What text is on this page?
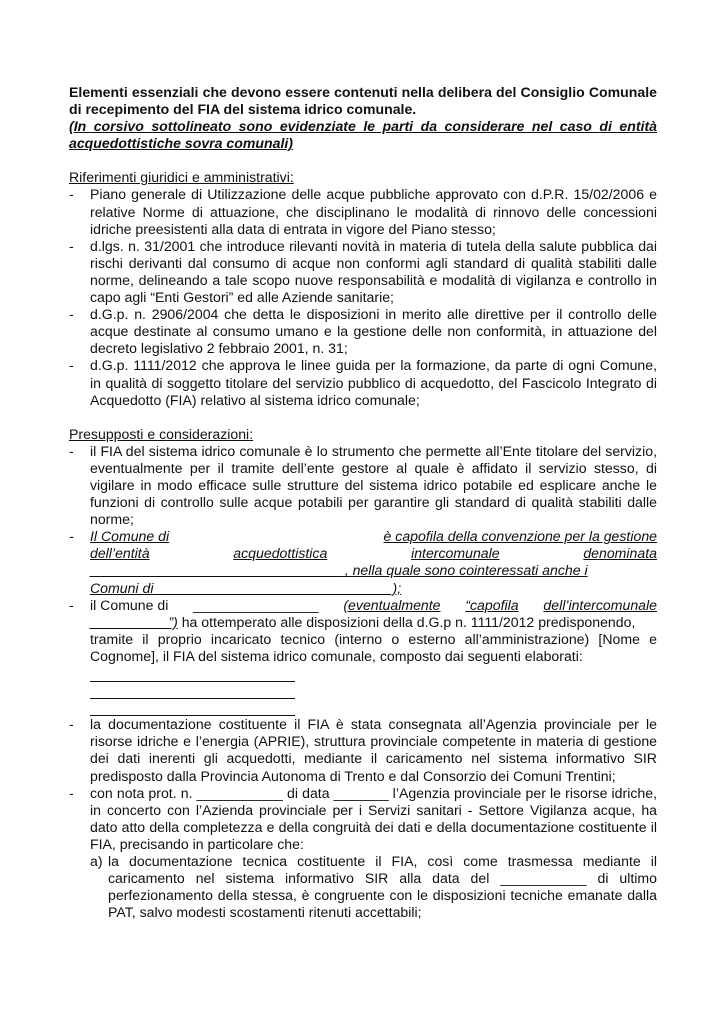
Elementi essenziali che devono essere contenuti nella delibera del Consiglio Comunale di recepimento del FIA del sistema idrico comunale.

(In corsivo sottolineato sono evidenziate le parti da considerare nel caso di entità acquedottistiche sovra comunali)

Riferimenti giuridici e amministrativi:

- Piano generale di Utilizzazione delle acque pubbliche approvato con d.P.R. 15/02/2006 e relative Norme di attuazione, che disciplinano le modalità di rinnovo delle concessioni idriche preesistenti alla data di entrata in vigore del Piano stesso;

- d.lgs. n. 31/2001 che introduce rilevanti novità in materia di tutela della salute pubblica dai rischi derivanti dal consumo di acque non conformi agli standard di qualità stabiliti dalle norme, delineando a tale scopo nuove responsabilità e modalità di vigilanza e controllo in capo agli “Enti Gestori” ed alle Aziende sanitarie;

- d.G.p. n. 2906/2004 che detta le disposizioni in merito alle direttive per il controllo delle acque destinate al consumo umano e la gestione delle non conformità, in attuazione del decreto legislativo 2 febbraio 2001, n. 31;

- d.G.p. 1111/2012 che approva le linee guida per la formazione, da parte di ogni Comune, in qualità di soggetto titolare del servizio pubblico di acquedotto, del Fascicolo Integrato di Acquedotto (FIA) relativo al sistema idrico comunale;

Presupposti e considerazioni:

- il FIA del sistema idrico comunale è lo strumento che permette all’Ente titolare del servizio, eventualmente per il tramite dell’ente gestore al quale è affidato il servizio stesso, di vigilare in modo efficace sulle strutture del sistema idrico potabile ed esplicare anche le funzioni di controllo sulle acque potabili per garantire gli standard di qualità stabiliti dalle norme;

- Il Comune di	è capofila della convenzione per la gestione
dell’entità	acquedottistica	intercomunale	denominata
________________________________ , nella quale sono cointeressati anche i
Comuni di ______________________________);
- il Comune di ________________ (eventualmente “capofila dell’intercomunale
__________”) ha ottemperato alle disposizioni della d.G.p n. 1111/2012 predisponendo,
tramite il proprio incaricato tecnico (interno o esterno all’amministrazione) [Nome e Cognome], il FIA del sistema idrico comunale, composto dai seguenti elaborati:

- la documentazione costituente il FIA è stata consegnata all’Agenzia provinciale per le risorse idriche e l’energia (APRIE), struttura provinciale competente in materia di gestione dei dati inerenti gli acquedotti, mediante il caricamento nel sistema informativo SIR predisposto dalla Provincia Autonoma di Trento e dal Consorzio dei Comuni Trentini;

- con nota prot. n. ___________ di data _______ l’Agenzia provinciale per le risorse idriche, in concerto con l’Azienda provinciale per i Servizi sanitari - Settore Vigilanza acque, ha dato atto della completezza e della congruità dei dati e della documentazione costituente il FIA, precisando in particolare che:

a) la documentazione tecnica costituente il FIA, così come trasmessa mediante il caricamento nel sistema informativo SIR alla data del ___________ di ultimo perfezionamento della stessa, è congruente con le disposizioni tecniche emanate dalla PAT, salvo modesti scostamenti ritenuti accettabili;
